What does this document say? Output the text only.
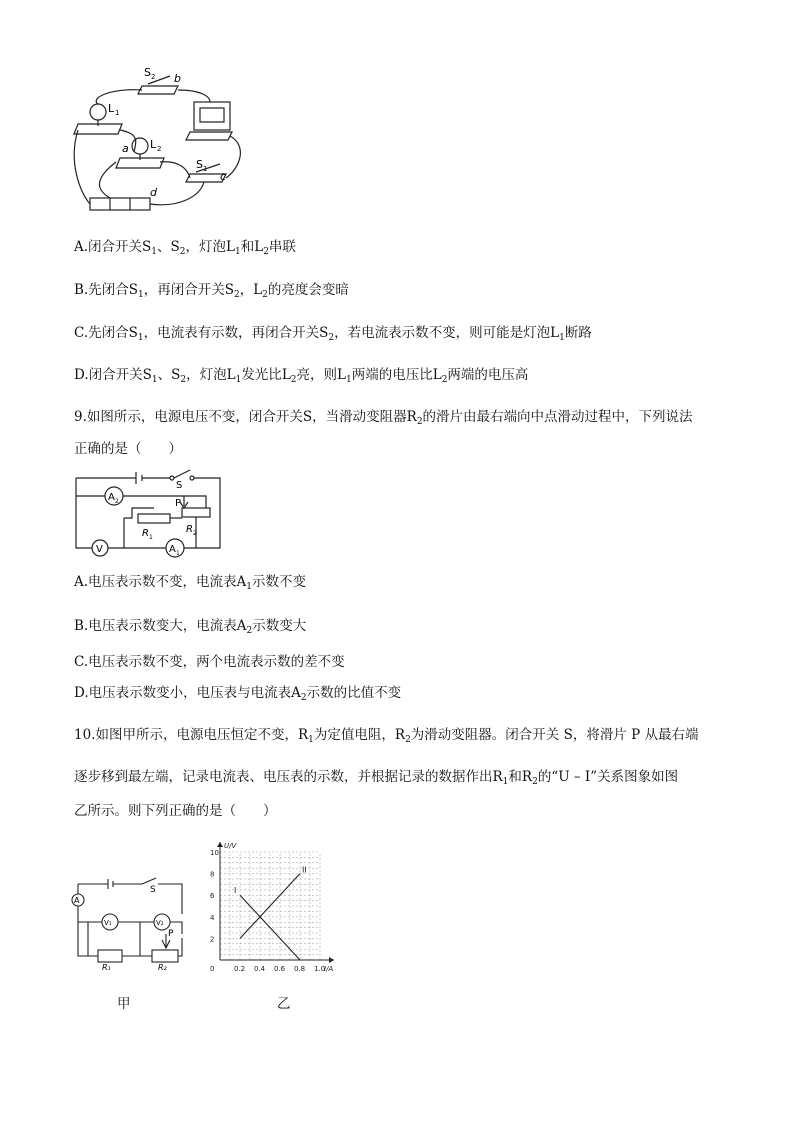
S 2 b
L 1
a L 2
S 1
c
d
A.闭合开关$S_1$、$S_2$，灯泡$L_1$和$L_2$串联
B.先闭合$S_1$，再闭合开关$S_2$，$L_2$的亮度会变暗
C.先闭合$S_1$，电流表有示数，再闭合开关$S_2$，若电流表示数不变，则可能是灯泡$L_1$断路
D.闭合开关$S_1$、$S_2$，灯泡$L_1$发光比$L_2$亮，则$L_1$两端的电压比$L_2$两端的电压高
9.如图所示，电源电压不变，闭合开关S，当滑动变阻器$R_2$的滑片由最右端向中点滑动过程中，下列说法
正确的是（　　）
S
A 2	P
R 1
R 2
V	A 1
A.电压表示数不变，电流表$A_1$示数不变
B.电压表示数变大，电流表$A_2$示数变大
C.电压表示数不变，两个电流表示数的差不变
D.电压表示数变小，电压表与电流表$A_2$示数的比值不变
10.如图甲所示，电源电压恒定不变，$R_1$为定值电阻，$R_2$为滑动变阻器。闭合开关 S，将滑片 P 从最右端
逐步移到最左端，记录电流表、电压表的示数，并根据记录的数据作出$R_1$和$R_2$的“U – I”关系图象如图
乙所示。则下列正确的是（　　）
S
A
V₁	V₂
P
R₁	R₂
甲
0.2 0.4 0.6 0.8 1.0
2
4
6
8
10
0	I/A
U/V
I
II
乙
